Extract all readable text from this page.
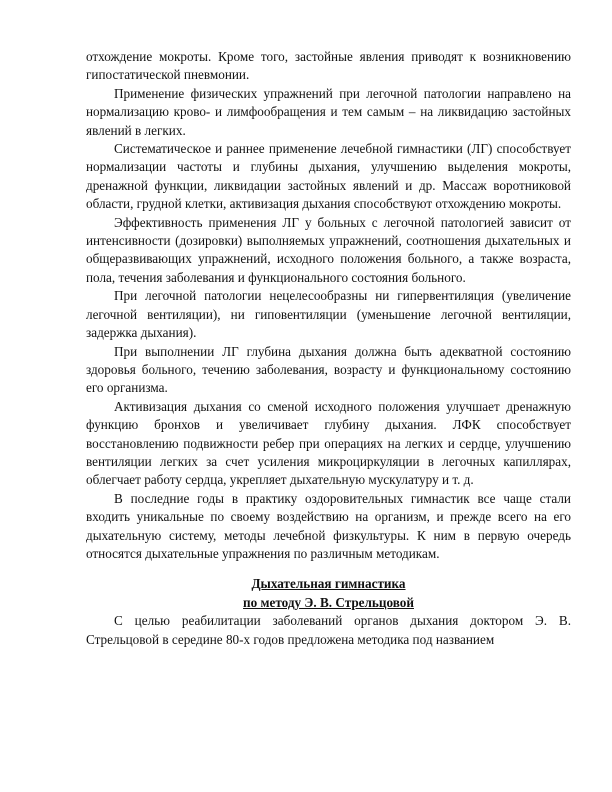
отхождение мокроты. Кроме того, застойные явления приводят к возникновению гипостатической пневмонии.

Применение физических упражнений при легочной патологии направлено на нормализацию крово- и лимфообращения и тем самым – на ликвидацию застойных явлений в легких.

Систематическое и раннее применение лечебной гимнастики (ЛГ) способствует нормализации частоты и глубины дыхания, улучшению выделения мокроты, дренажной функции, ликвидации застойных явлений и др. Массаж воротниковой области, грудной клетки, активизация дыхания способствуют отхождению мокроты.

Эффективность применения ЛГ у больных с легочной патологией зависит от интенсивности (дозировки) выполняемых упражнений, соотношения дыхательных и общеразвивающих упражнений, исходного положения больного, а также возраста, пола, течения заболевания и функционального состояния больного.

При легочной патологии нецелесообразны ни гипервентиляция (увеличение легочной вентиляции), ни гиповентиляции (уменьшение легочной вентиляции, задержка дыхания).

При выполнении ЛГ глубина дыхания должна быть адекватной состоянию здоровья больного, течению заболевания, возрасту и функциональному состоянию его организма.

Активизация дыхания со сменой исходного положения улучшает дренажную функцию бронхов и увеличивает глубину дыхания. ЛФК способствует восстановлению подвижности ребер при операциях на легких и сердце, улучшению вентиляции легких за счет усиления микроциркуляции в легочных капиллярах, облегчает работу сердца, укрепляет дыхательную мускулатуру и т. д.

В последние годы в практику оздоровительных гимнастик все чаще стали входить уникальные по своему воздействию на организм, и прежде всего на его дыхательную систему, методы лечебной физкультуры. К ним в первую очередь относятся дыхательные упражнения по различным методикам.

Дыхательная гимнастика
по методу Э. В. Стрельцовой

С целью реабилитации заболеваний органов дыхания доктором Э. В. Стрельцовой в середине 80-х годов предложена методика под названием
